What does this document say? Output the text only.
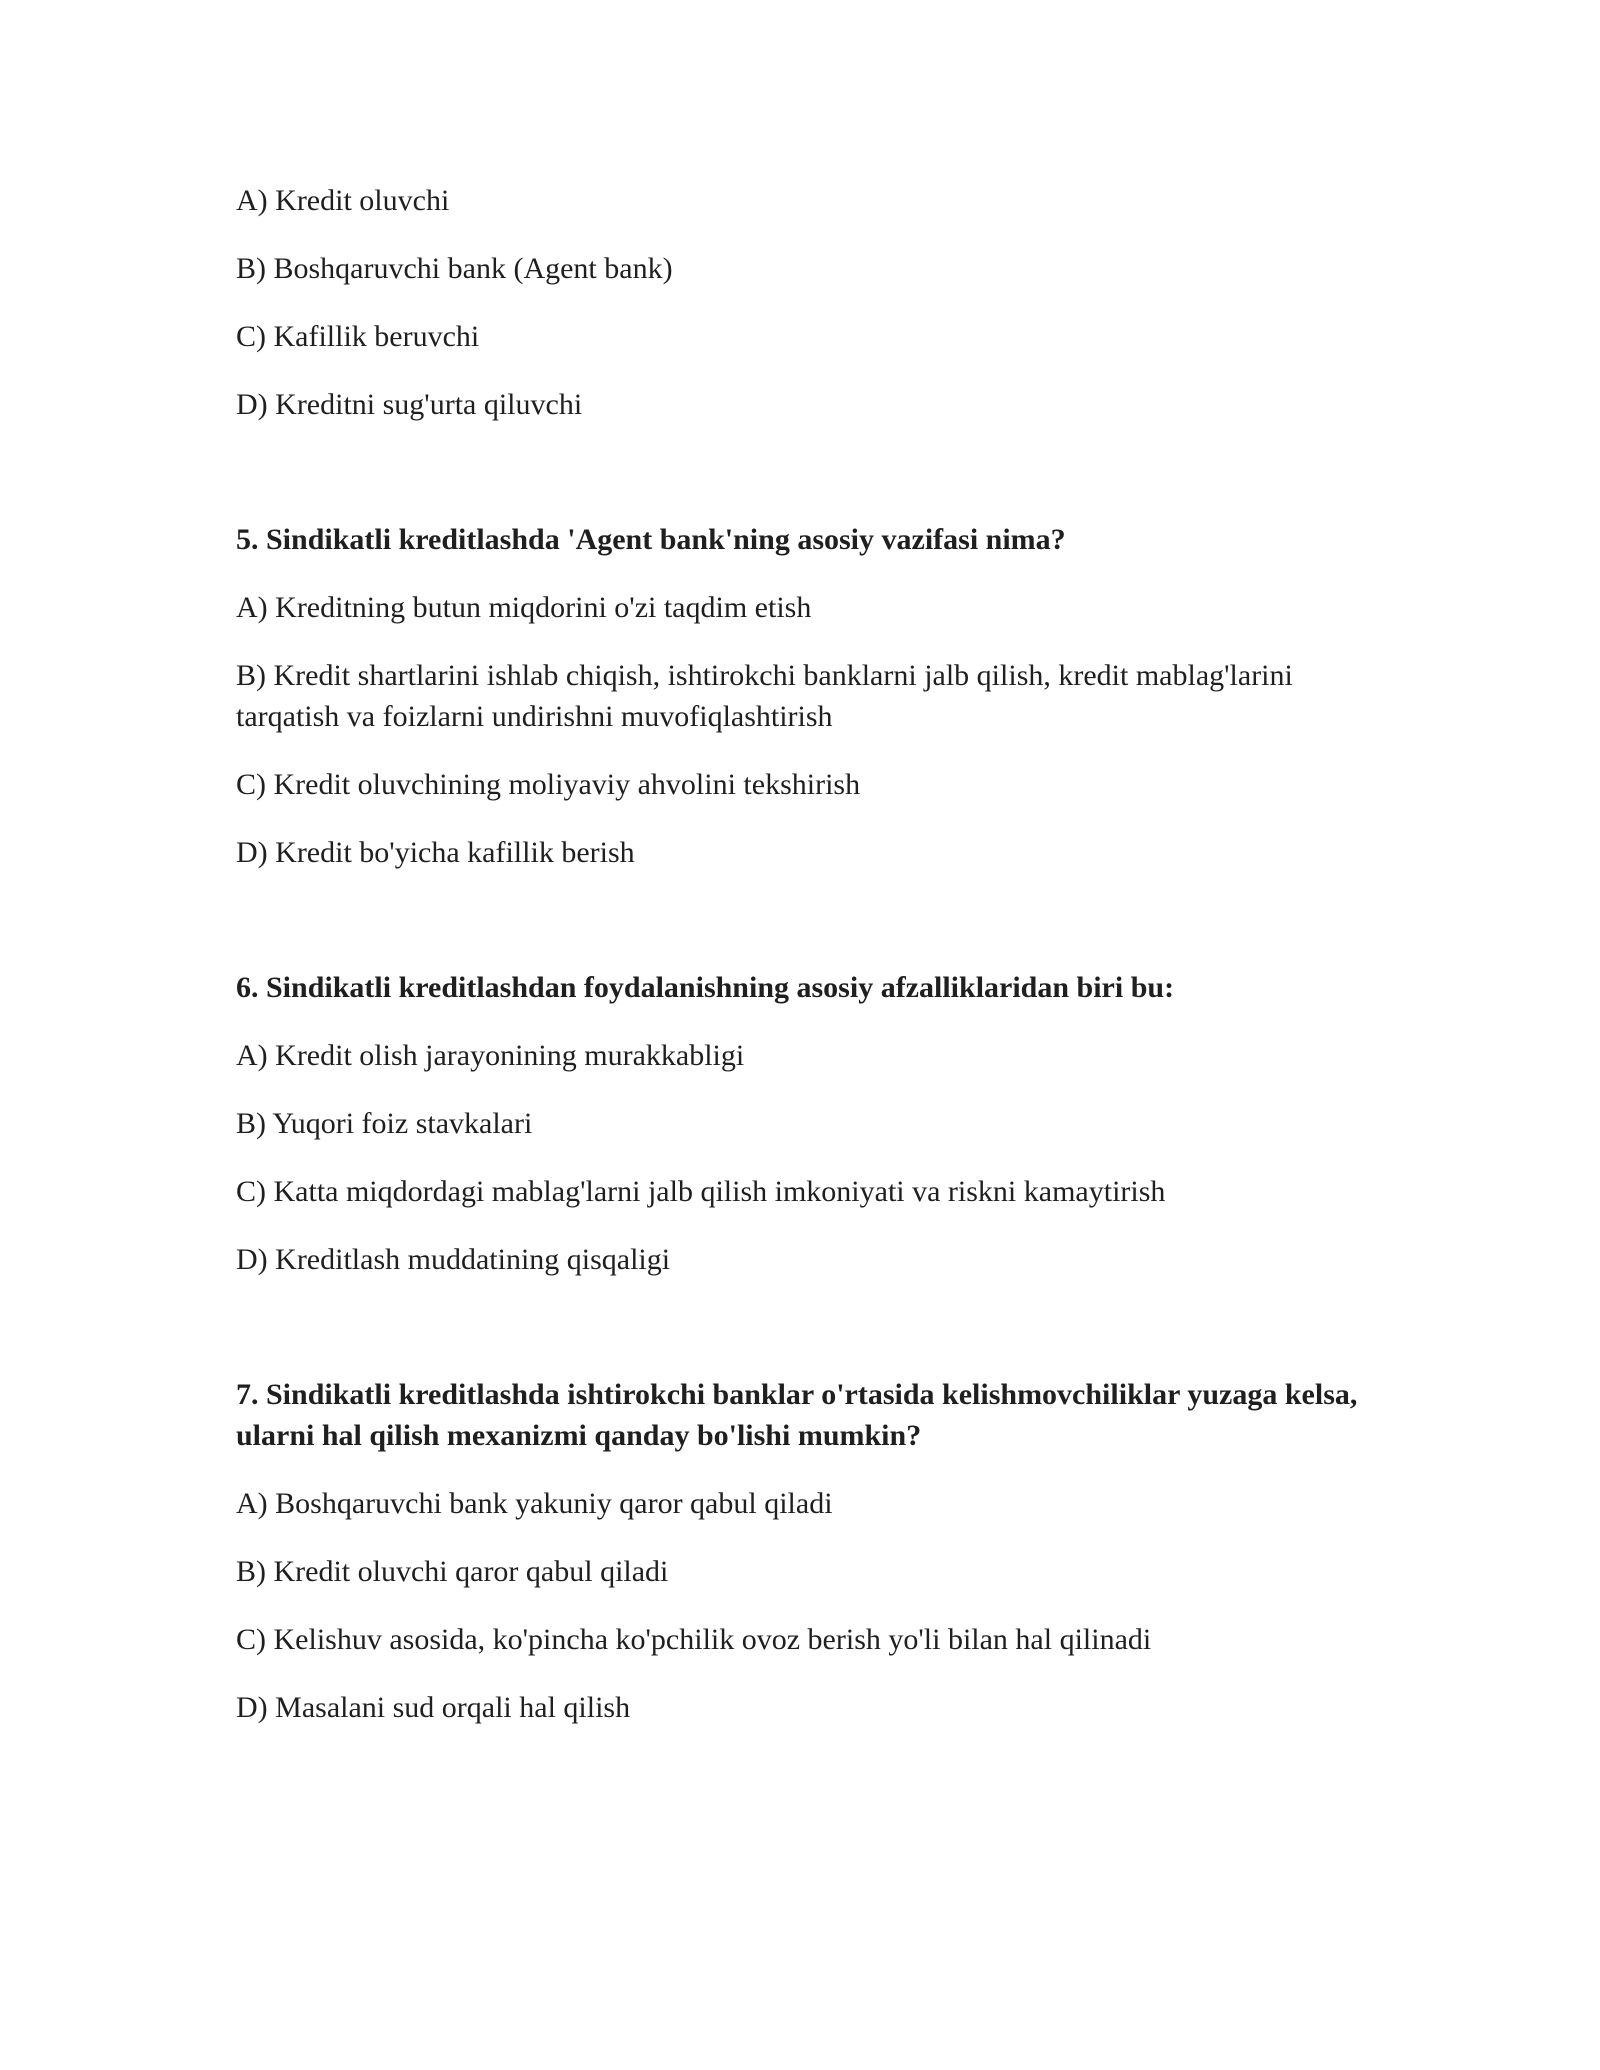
A) Kredit oluvchi

B) Boshqaruvchi bank (Agent bank)

C) Kafillik beruvchi

D) Kreditni sug'urta qiluvchi

5. Sindikatli kreditlashda 'Agent bank'ning asosiy vazifasi nima?

A) Kreditning butun miqdorini o'zi taqdim etish

B) Kredit shartlarini ishlab chiqish, ishtirokchi banklarni jalb qilish, kredit mablag'larini tarqatish va foizlarni undirishni muvofiqlashtirish

C) Kredit oluvchining moliyaviy ahvolini tekshirish

D) Kredit bo'yicha kafillik berish

6. Sindikatli kreditlashdan foydalanishning asosiy afzalliklaridan biri bu:

A) Kredit olish jarayonining murakkabligi

B) Yuqori foiz stavkalari

C) Katta miqdordagi mablag'larni jalb qilish imkoniyati va riskni kamaytirish

D) Kreditlash muddatining qisqaligi

7. Sindikatli kreditlashda ishtirokchi banklar o'rtasida kelishmovchiliklar yuzaga kelsa, ularni hal qilish mexanizmi qanday bo'lishi mumkin?

A) Boshqaruvchi bank yakuniy qaror qabul qiladi

B) Kredit oluvchi qaror qabul qiladi

C) Kelishuv asosida, ko'pincha ko'pchilik ovoz berish yo'li bilan hal qilinadi

D) Masalani sud orqali hal qilish
